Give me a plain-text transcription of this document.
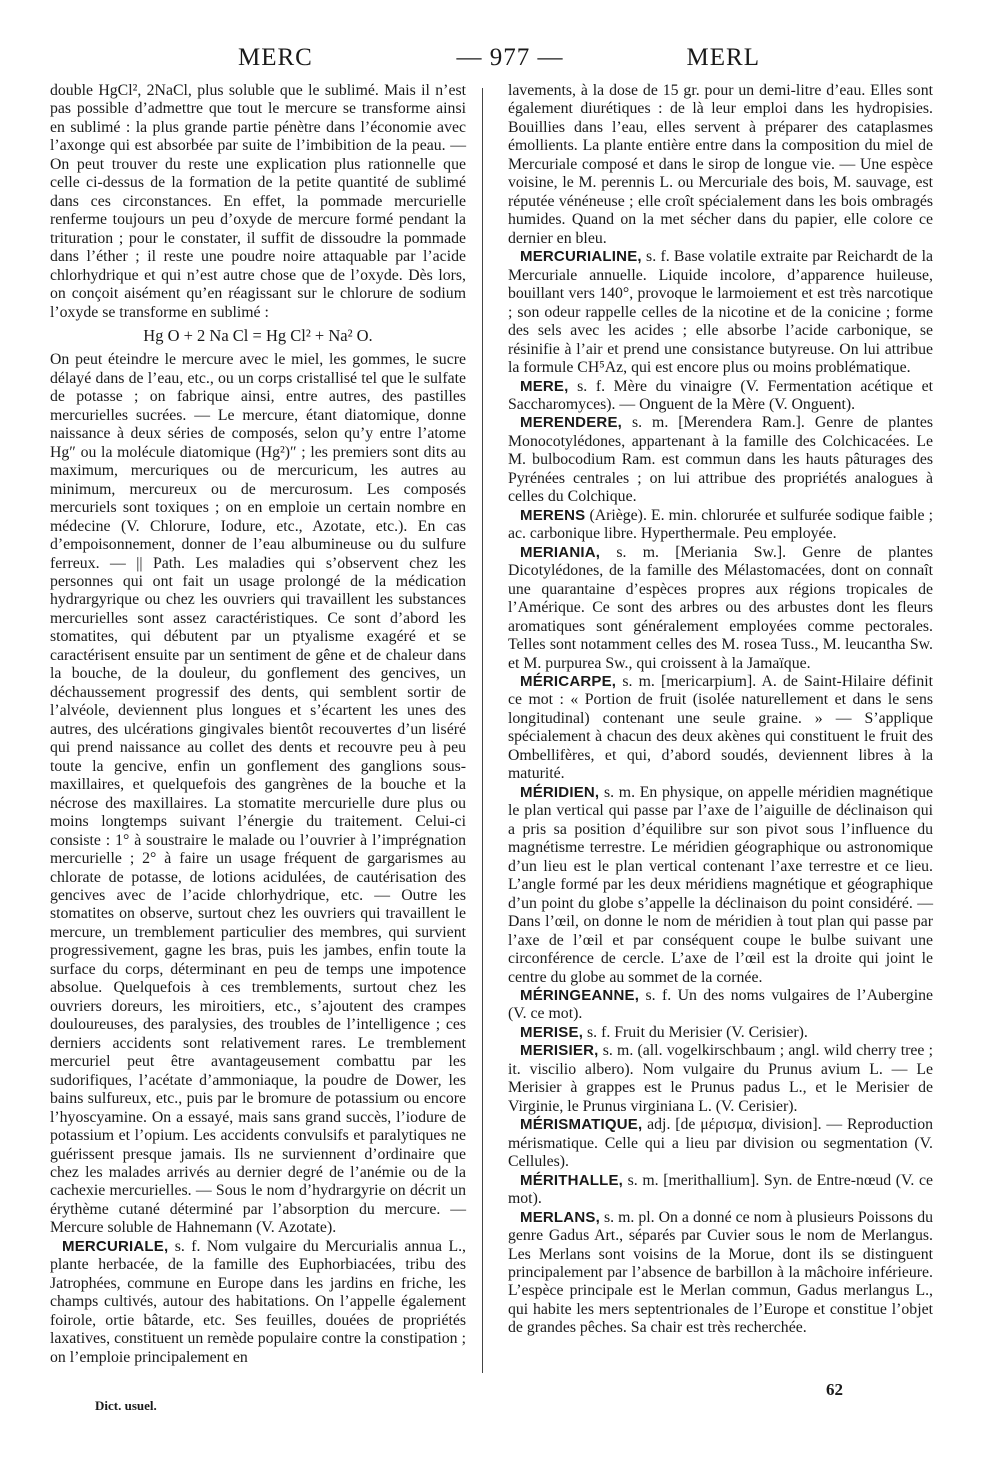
MERC	— 977 —	MERL

double HgCl², 2NaCl, plus soluble que le sublimé. Mais il n’est pas possible d’admettre que tout le mercure se transforme ainsi en sublimé : la plus grande partie pénètre dans l’économie avec l’axonge qui est absorbée par suite de l’imbibition de la peau. — On peut trouver du reste une explication plus rationnelle que celle ci-dessus de la formation de la petite quantité de sublimé dans ces circonstances. En effet, la pommade mercurielle renferme toujours un peu d’oxyde de mercure formé pendant la trituration ; pour le constater, il suffit de dissoudre la pommade dans l’éther ; il reste une poudre noire attaquable par l’acide chlorhydrique et qui n’est autre chose que de l’oxyde. Dès lors, on conçoit aisément qu’en réagissant sur le chlorure de sodium l’oxyde se transforme en sublimé :

Hg O + 2 Na Cl = Hg Cl² + Na² O.

On peut éteindre le mercure avec le miel, les gommes, le sucre délayé dans de l’eau, etc., ou un corps cristallisé tel que le sulfate de potasse ; on fabrique ainsi, entre autres, des pastilles mercurielles sucrées. — Le mercure, étant diatomique, donne naissance à deux séries de composés, selon qu’y entre l’atome Hg″ ou la molécule diatomique (Hg²)″ ; les premiers sont dits au maximum, mercuriques ou de mercuricum, les autres au minimum, mercureux ou de mercurosum. Les composés mercuriels sont toxiques ; on en emploie un certain nombre en médecine (V. Chlorure, Iodure, etc., Azotate, etc.). En cas d’empoisonnement, donner de l’eau albumineuse ou du sulfure ferreux. — || Path. Les maladies qui s’observent chez les personnes qui ont fait un usage prolongé de la médication hydrargyrique ou chez les ouvriers qui travaillent les substances mercurielles sont assez caractéristiques. Ce sont d’abord les stomatites, qui débutent par un ptyalisme exagéré et se caractérisent ensuite par un sentiment de gêne et de chaleur dans la bouche, de la douleur, du gonflement des gencives, un déchaussement progressif des dents, qui semblent sortir de l’alvéole, deviennent plus longues et s’écartent les unes des autres, des ulcérations gingivales bientôt recouvertes d’un liséré qui prend naissance au collet des dents et recouvre peu à peu toute la gencive, enfin un gonflement des ganglions sous-maxillaires, et quelquefois des gangrènes de la bouche et la nécrose des maxillaires. La stomatite mercurielle dure plus ou moins longtemps suivant l’énergie du traitement. Celui-ci consiste : 1° à soustraire le malade ou l’ouvrier à l’imprégnation mercurielle ; 2° à faire un usage fréquent de gargarismes au chlorate de potasse, de lotions acidulées, de cautérisation des gencives avec de l’acide chlorhydrique, etc. — Outre les stomatites on observe, surtout chez les ouvriers qui travaillent le mercure, un tremblement particulier des membres, qui survient progressivement, gagne les bras, puis les jambes, enfin toute la surface du corps, déterminant en peu de temps une impotence absolue. Quelquefois à ces tremblements, surtout chez les ouvriers doreurs, les miroitiers, etc., s’ajoutent des crampes douloureuses, des paralysies, des troubles de l’intelligence ; ces derniers accidents sont relativement rares. Le tremblement mercuriel peut être avantageusement combattu par les sudorifiques, l’acétate d’ammoniaque, la poudre de Dower, les bains sulfureux, etc., puis par le bromure de potassium ou encore l’hyoscyamine. On a essayé, mais sans grand succès, l’iodure de potassium et l’opium. Les accidents convulsifs et paralytiques ne guérissent presque jamais. Ils ne surviennent d’ordinaire que chez les malades arrivés au dernier degré de l’anémie ou de la cachexie mercurielles. — Sous le nom d’hydrargyrie on décrit un érythème cutané déterminé par l’absorption du mercure. — Mercure soluble de Hahnemann (V. Azotate).

MERCURIALE, s. f. Nom vulgaire du Mercurialis annua L., plante herbacée, de la famille des Euphorbiacées, tribu des Jatrophées, commune en Europe dans les jardins en friche, les champs cultivés, autour des habitations. On l’appelle également foirole, ortie bâtarde, etc. Ses feuilles, douées de propriétés laxatives, constituent un remède populaire contre la constipation ; on l’emploie principalement en

lavements, à la dose de 15 gr. pour un demi-litre d’eau. Elles sont également diurétiques : de là leur emploi dans les hydropisies. Bouillies dans l’eau, elles servent à préparer des cataplasmes émollients. La plante entière entre dans la composition du miel de Mercuriale composé et dans le sirop de longue vie. — Une espèce voisine, le M. perennis L. ou Mercuriale des bois, M. sauvage, est réputée vénéneuse ; elle croît spécialement dans les bois ombragés humides. Quand on la met sécher dans du papier, elle colore ce dernier en bleu.

MERCURIALINE, s. f. Base volatile extraite par Reichardt de la Mercuriale annuelle. Liquide incolore, d’apparence huileuse, bouillant vers 140°, provoque le larmoiement et est très narcotique ; son odeur rappelle celles de la nicotine et de la conicine ; forme des sels avec les acides ; elle absorbe l’acide carbonique, se résinifie à l’air et prend une consistance butyreuse. On lui attribue la formule CH⁵Az, qui est encore plus ou moins problématique.

MERE, s. f. Mère du vinaigre (V. Fermentation acétique et Saccharomyces). — Onguent de la Mère (V. Onguent).

MERENDERE, s. m. [Merendera Ram.]. Genre de plantes Monocotylédones, appartenant à la famille des Colchicacées. Le M. bulbocodium Ram. est commun dans les hauts pâturages des Pyrénées centrales ; on lui attribue des propriétés analogues à celles du Colchique.

MERENS (Ariège). E. min. chlorurée et sulfurée sodique faible ; ac. carbonique libre. Hyperthermale. Peu employée.

MERIANIA, s. m. [Meriania Sw.]. Genre de plantes Dicotylédones, de la famille des Mélastomacées, dont on connaît une quarantaine d’espèces propres aux régions tropicales de l’Amérique. Ce sont des arbres ou des arbustes dont les fleurs aromatiques sont généralement employées comme pectorales. Telles sont notamment celles des M. rosea Tuss., M. leucantha Sw. et M. purpurea Sw., qui croissent à la Jamaïque.

MÉRICARPE, s. m. [mericarpium]. A. de Saint-Hilaire définit ce mot : « Portion de fruit (isolée naturellement et dans le sens longitudinal) contenant une seule graine. » — S’applique spécialement à chacun des deux akènes qui constituent le fruit des Ombellifères, et qui, d’abord soudés, deviennent libres à la maturité.

MÉRIDIEN, s. m. En physique, on appelle méridien magnétique le plan vertical qui passe par l’axe de l’aiguille de déclinaison qui a pris sa position d’équilibre sur son pivot sous l’influence du magnétisme terrestre. Le méridien géographique ou astronomique d’un lieu est le plan vertical contenant l’axe terrestre et ce lieu. L’angle formé par les deux méridiens magnétique et géographique d’un point du globe s’appelle la déclinaison du point considéré. — Dans l’œil, on donne le nom de méridien à tout plan qui passe par l’axe de l’œil et par conséquent coupe le bulbe suivant une circonférence de cercle. L’axe de l’œil est la droite qui joint le centre du globe au sommet de la cornée.

MÉRINGEANNE, s. f. Un des noms vulgaires de l’Aubergine (V. ce mot).

MERISE, s. f. Fruit du Merisier (V. Cerisier).

MERISIER, s. m. (all. vogelkirschbaum ; angl. wild cherry tree ; it. viscilio albero). Nom vulgaire du Prunus avium L. — Le Merisier à grappes est le Prunus padus L., et le Merisier de Virginie, le Prunus virginiana L. (V. Cerisier).

MÉRISMATIQUE, adj. [de μέρισμα, division]. — Reproduction mérismatique. Celle qui a lieu par division ou segmentation (V. Cellules).

MÉRITHALLE, s. m. [merithallium]. Syn. de Entre-nœud (V. ce mot).

MERLANS, s. m. pl. On a donné ce nom à plusieurs Poissons du genre Gadus Art., séparés par Cuvier sous le nom de Merlangus. Les Merlans sont voisins de la Morue, dont ils se distinguent principalement par l’absence de barbillon à la mâchoire inférieure. L’espèce principale est le Merlan commun, Gadus merlangus L., qui habite les mers septentrionales de l’Europe et constitue l’objet de grandes pêches. Sa chair est très recherchée.

Dict. usuel.
62
